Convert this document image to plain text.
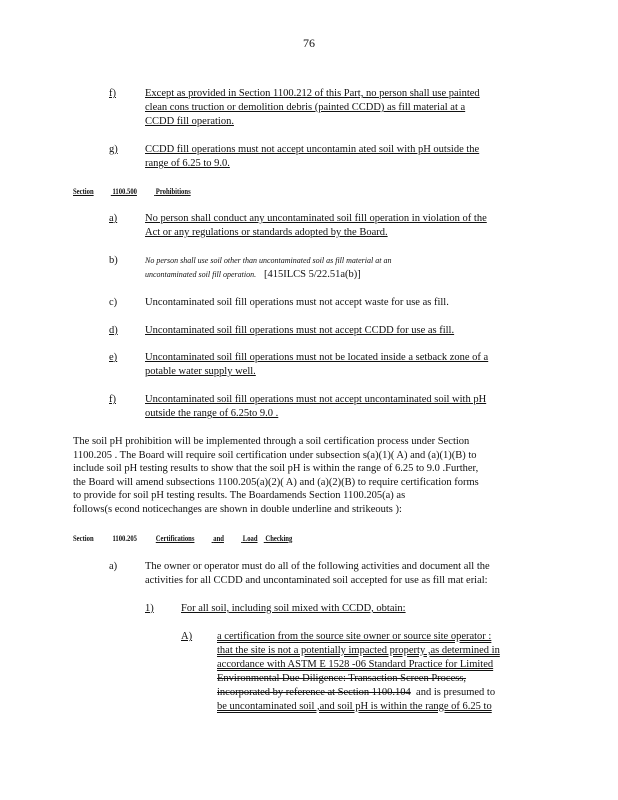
76
f)	Except as provided in Section 1100.212 of this Part, no person shall use painted
clean cons truction or demolition debris (painted CCDD) as fill material at a
CCDD fill operation.
g)	CCDD fill operations must not accept uncontamin ated soil with pH outside the
range of 6.25 to 9.0.
Section 1100.500 Prohibitions
a)	No person shall conduct any uncontaminated soil fill operation in violation of the
Act or any regulations or standards adopted by the Board.
b)	No person shall use soil other than uncontaminated soil as fill material at an
uncontaminated soil fill operation. [415ILCS 5/22.51a(b)]
c)	Uncontaminated soil fill operations must not accept waste for use as fill.
d)	Uncontaminated soil fill operations must not accept CCDD for use as fill.
e)	Uncontaminated soil fill operations must not be located inside a setback zone of a
potable water supply well.
f)	Uncontaminated soil fill operations must not accept uncontaminated soil with pH
outside the range of 6.25to 9.0 .
The soil pH prohibition will be implemented through a soil certification process under Section
1100.205 . The Board will require soil certification under subsection s(a)(1)( A) and (a)(1)(B) to
include soil pH testing results to show that the soil pH is within the range of 6.25 to 9.0 .Further,
the Board will amend subsections 1100.205(a)(2)( A) and (a)(2)(B) to require certification forms
to provide for soil pH testing results. The Boardamends Section 1100.205(a) as
follows(s econd noticechanges are shown in double underline and strikeouts ):
Section 1100.205 Certifications and Load Checking
a)	The owner or operator must do all of the following activities and document all the
activities for all CCDD and uncontaminated soil accepted for use as fill mat erial:
1)	For all soil, including soil mixed with CCDD, obtain:
A) a certification from the source site owner or source site operator :
that the site is not a potentially impacted property ,as determined in
accordance with ASTM E 1528 -06 Standard Practice for Limited
Environmental Due Diligence: Transaction Screen Process,
incorporated by reference at Section 1100.104 and is presumed to
be uncontaminated soil ,and soil pH is within the range of 6.25 to
